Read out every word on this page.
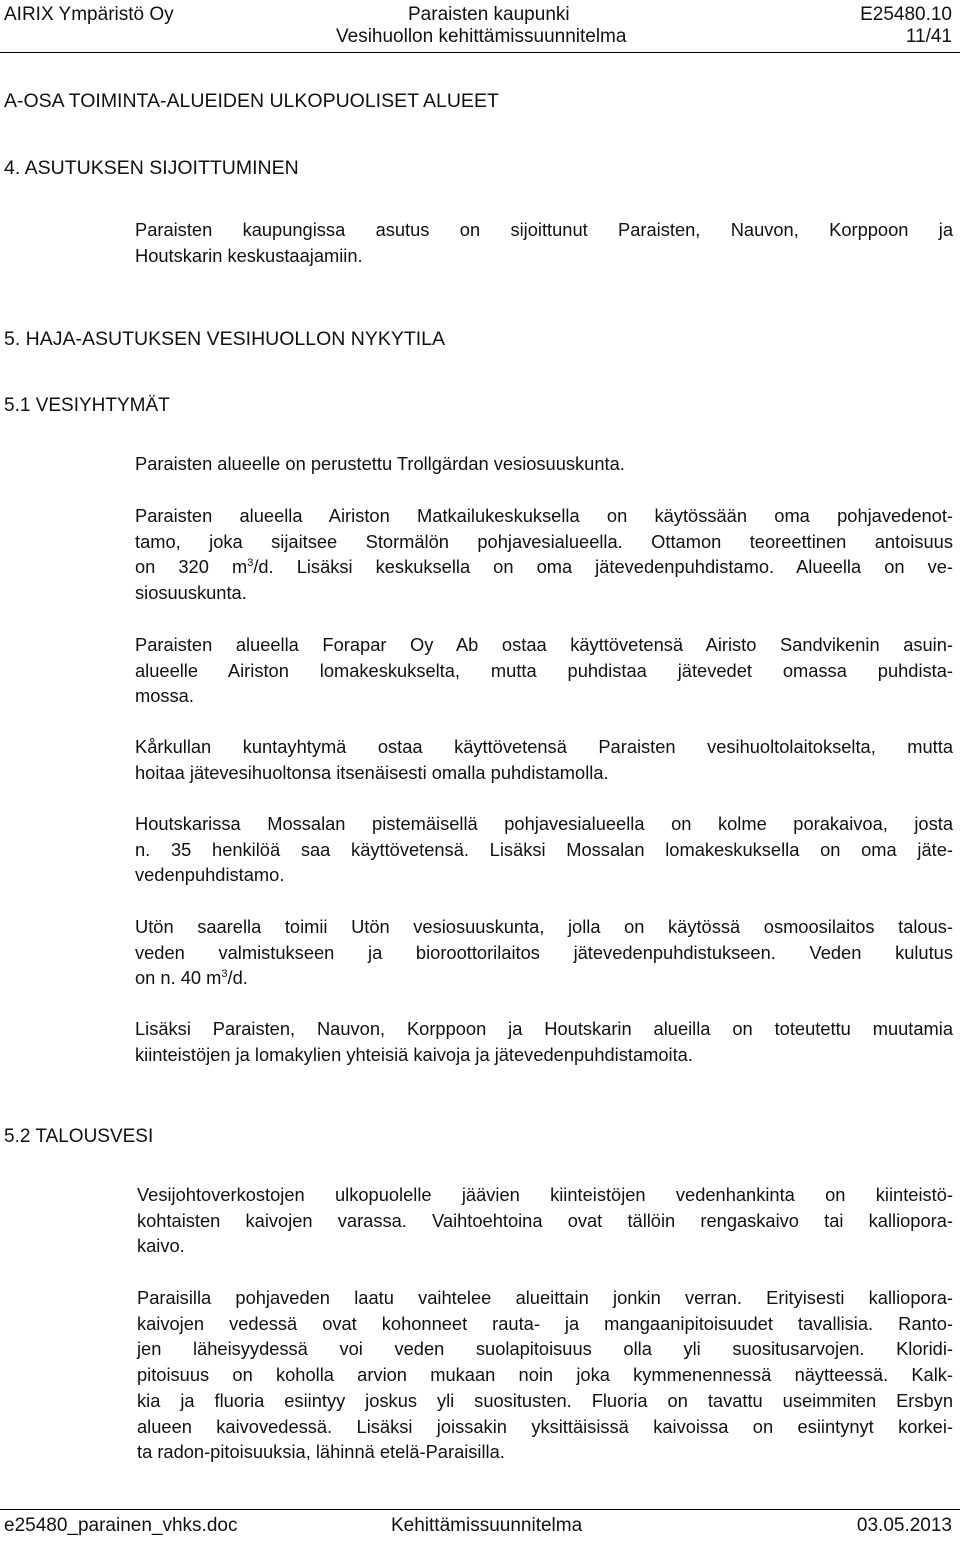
AIRIX Ympäristö Oy	Paraisten kaupunki	E25480.10
Vesihuollon kehittämissuunnitelma	11/41
A-OSA TOIMINTA-ALUEIDEN ULKOPUOLISET ALUEET
4. ASUTUKSEN SIJOITTUMINEN
Paraisten kaupungissa asutus on sijoittunut Paraisten, Nauvon, Korppoon ja
Houtskarin keskustaajamiin.
5. HAJA-ASUTUKSEN VESIHUOLLON NYKYTILA
5.1 VESIYHTYMÄT
Paraisten alueelle on perustettu Trollgärdan vesiosuuskunta.
Paraisten alueella Airiston Matkailukeskuksella on käytössään oma pohjavedenot-
tamo, joka sijaitsee Stormälön pohjavesialueella. Ottamon teoreettinen antoisuus
on 320 $m^3/d$. Lisäksi keskuksella on oma jätevedenpuhdistamo. Alueella on ve-
siosuuskunta.
Paraisten alueella Forapar Oy Ab ostaa käyttövetensä Airisto Sandvikenin asuin-
alueelle Airiston lomakeskukselta, mutta puhdistaa jätevedet omassa puhdista-
mossa.
Kårkullan kuntayhtymä ostaa käyttövetensä Paraisten vesihuoltolaitokselta, mutta
hoitaa jätevesihuoltonsa itsenäisesti omalla puhdistamolla.
Houtskarissa Mossalan pistemäisellä pohjavesialueella on kolme porakaivoa, josta
n. 35 henkilöä saa käyttövetensä. Lisäksi Mossalan lomakeskuksella on oma jäte-
vedenpuhdistamo.
Utön saarella toimii Utön vesiosuuskunta, jolla on käytössä osmoosilaitos talous-
veden valmistukseen ja bioroottorilaitos jätevedenpuhdistukseen. Veden kulutus
on n. 40 $m^3/d$.
Lisäksi Paraisten, Nauvon, Korppoon ja Houtskarin alueilla on toteutettu muutamia
kiinteistöjen ja lomakylien yhteisiä kaivoja ja jätevedenpuhdistamoita.
5.2 TALOUSVESI
Vesijohtoverkostojen ulkopuolelle jäävien kiinteistöjen vedenhankinta on kiinteistö-
kohtaisten kaivojen varassa. Vaihtoehtoina ovat tällöin rengaskaivo tai kalliopora-
kaivo.
Paraisilla pohjaveden laatu vaihtelee alueittain jonkin verran. Erityisesti kalliopora-
kaivojen vedessä ovat kohonneet rauta- ja mangaanipitoisuudet tavallisia. Ranto-
jen läheisyydessä voi veden suolapitoisuus olla yli suositusarvojen. Kloridi-
pitoisuus on koholla arvion mukaan noin joka kymmenennessä näytteessä. Kalk-
kia ja fluoria esiintyy joskus yli suositusten. Fluoria on tavattu useimmiten Ersbyn
alueen kaivovedessä. Lisäksi joissakin yksittäisissä kaivoissa on esiintynyt korkei-
ta radon-pitoisuuksia, lähinnä etelä-Paraisilla.
e25480_parainen_vhks.doc	Kehittämissuunnitelma	03.05.2013
